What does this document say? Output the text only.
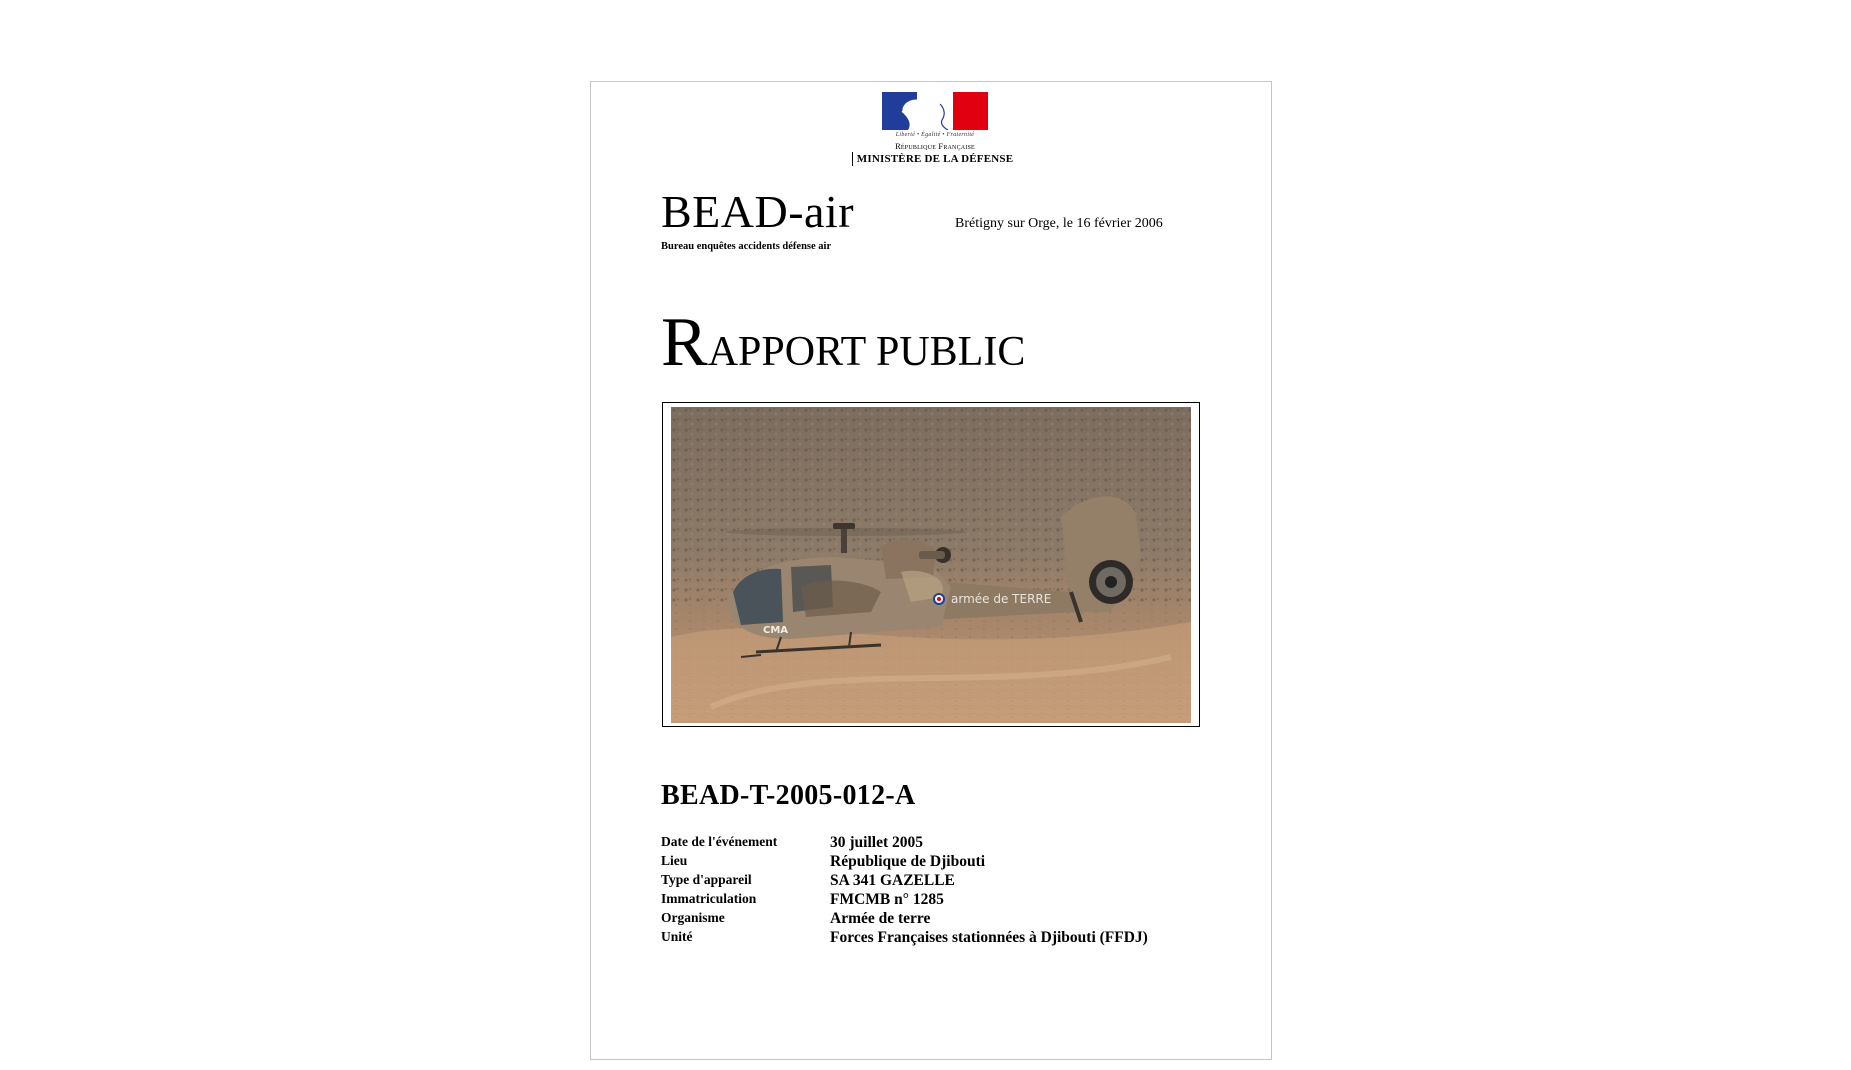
Liberté • Égalité • Fraternité
République Française
MINISTÈRE DE LA DÉFENSE
BEAD-air
Bureau enquêtes accidents défense air
Brétigny sur Orge, le 16 février 2006
RAPPORT PUBLIC
armée de TERRE
CMA
BEAD-T-2005-012-A
Date de l'événement	30 juillet 2005
Lieu	République de Djibouti
Type d'appareil	SA 341 GAZELLE
Immatriculation	FMCMB n° 1285
Organisme	Armée de terre
Unité	Forces Françaises stationnées à Djibouti (FFDJ)
